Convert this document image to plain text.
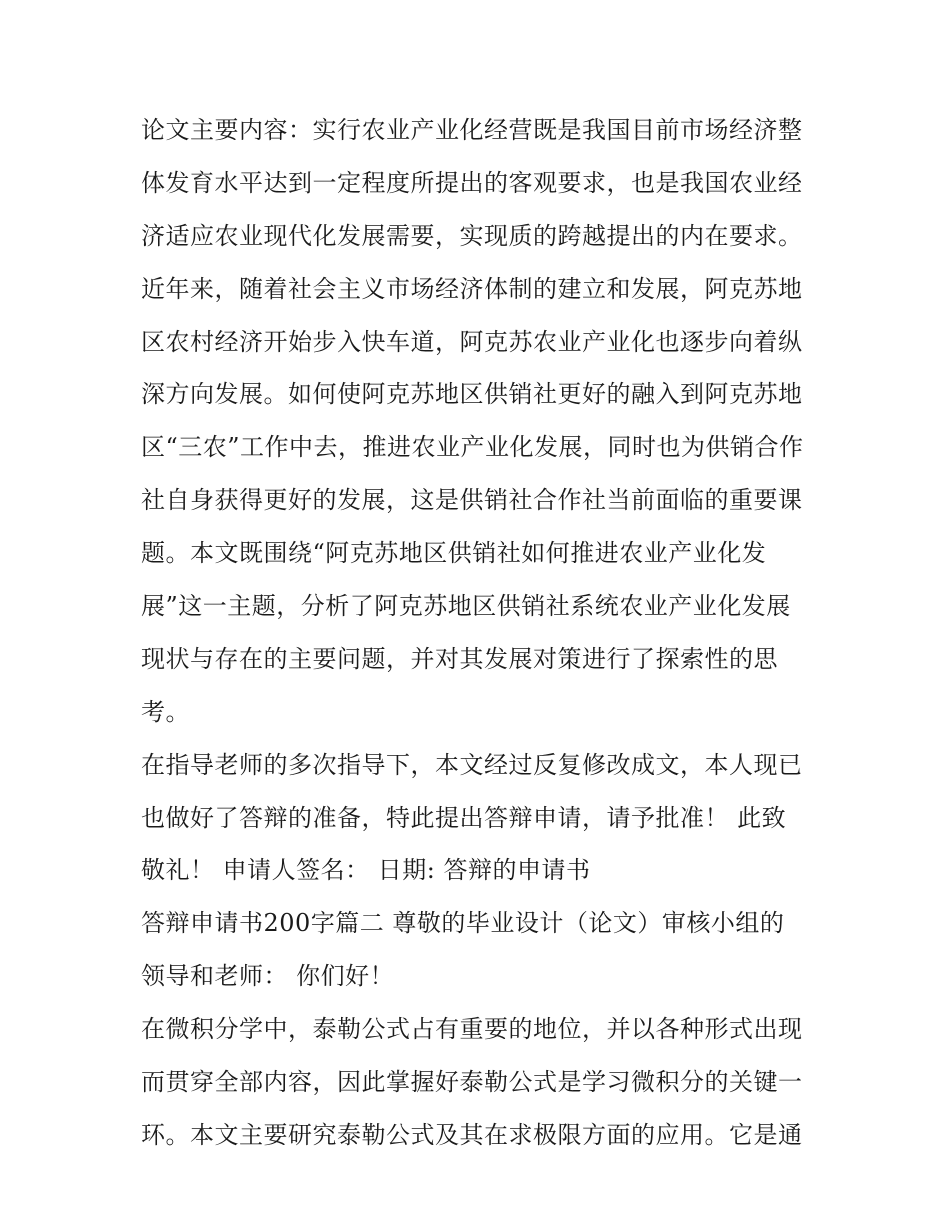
论文主要内容：实行农业产业化经营既是我国目前市场经济整
体发育水平达到一定程度所提出的客观要求，也是我国农业经
济适应农业现代化发展需要，实现质的跨越提出的内在要求。
近年来，随着社会主义市场经济体制的建立和发展，阿克苏地
区农村经济开始步入快车道，阿克苏农业产业化也逐步向着纵
深方向发展。如何使阿克苏地区供销社更好的融入到阿克苏地
区“三农”工作中去，推进农业产业化发展，同时也为供销合作
社自身获得更好的发展，这是供销社合作社当前面临的重要课
题。本文既围绕“阿克苏地区供销社如何推进农业产业化发
展”这一主题，分析了阿克苏地区供销社系统农业产业化发展
现状与存在的主要问题，并对其发展对策进行了探索性的思
考。
在指导老师的多次指导下，本文经过反复修改成文，本人现已
也做好了答辩的准备，特此提出答辩申请，请予批准！ 此致
敬礼！ 申请人签名： 日期: 答辩的申请书
答辩申请书200字篇二 尊敬的毕业设计（论文）审核小组的
领导和老师： 你们好！
在微积分学中，泰勒公式占有重要的地位，并以各种形式出现
而贯穿全部内容，因此掌握好泰勒公式是学习微积分的关键一
环。本文主要研究泰勒公式及其在求极限方面的应用。它是通
